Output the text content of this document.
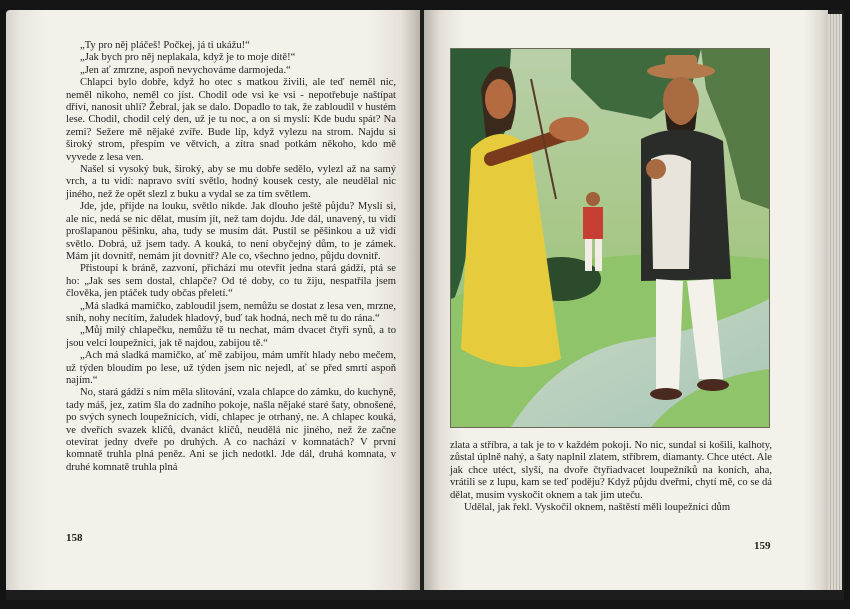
„Ty pro něj pláčeš! Počkej, já ti ukážu!“

„Jak bych pro něj neplakala, když je to moje dítě!“

„Jen ať zmrzne, aspoň nevychováme darmojeda.“

Chlapci bylo dobře, když ho otec s matkou živili, ale teď neměl nic, neměl nikoho, neměl co jíst. Chodil ode vsi ke vsi - nepotřebuje naštípat dříví, nanosit uhlí? Žebral, jak se dalo. Dopadlo to tak, že zabloudil v hustém lese. Chodil, chodil celý den, už je tu noc, a on si myslí: Kde budu spát? Na zemi? Sežere mě nějaké zvíře. Bude líp, když vylezu na strom. Najdu si široký strom, přespím ve větvích, a zítra snad potkám někoho, kdo mě vyvede z lesa ven.

Našel si vysoký buk, široký, aby se mu dobře sedělo, vylezl až na samý vrch, a tu vidí: napravo svítí světlo, hodný kousek cesty, ale neudělal nic jiného, než že opět slezl z buku a vydal se za tím světlem.

Jde, jde, přijde na louku, světlo nikde. Jak dlouho ještě půjdu? Myslí si, ale nic, nedá se nic dělat, musím jít, než tam dojdu. Jde dál, unavený, tu vidí prošlapanou pěšinku, aha, tudy se musím dát. Pustil se pěšinkou a už vidí světlo. Dobrá, už jsem tady. A kouká, to není obyčejný dům, to je zámek. Mám jít dovnitř, nemám jít dovnitř? Ale co, všechno jedno, půjdu dovnitř.

Přistoupí k bráně, zazvoní, přichází mu otevřít jedna stará gádží, ptá se ho: „Jak ses sem dostal, chlapče? Od té doby, co tu žiju, nespatřila jsem člověka, jen ptáček tudy občas přeletí.“

„Má sladká mamičko, zabloudil jsem, nemůžu se dostat z lesa ven, mrzne, sníh, nohy necítím, žaludek hladový, buď tak hodná, nech mě tu do rána.“

„Můj milý chlapečku, nemůžu tě tu nechat, mám dvacet čtyři synů, a to jsou velcí loupežníci, jak tě najdou, zabijou tě.“

„Ach má sladká mamičko, ať mě zabijou, mám umřít hlady nebo mečem, už týden bloudím po lese, už týden jsem nic nejedl, ať se před smrtí aspoň najím.“

No, stará gádží s ním měla slitování, vzala chlapce do zámku, do kuchyně, tady máš, jez, zatím šla do zadního pokoje, našla nějaké staré šaty, obnošené, po svých synech loupežnících, vidí, chlapec je otrhaný, ne. A chlapec kouká, ve dveřích svazek klíčů, dvanáct klíčů, neudělá nic jiného, než že začne otevírat jedny dveře po druhých. A co nachází v komnatách? V první komnatě truhla plná peněz. Ani se jich nedotkl. Jde dál, druhá komnata, v druhé komnatě truhla plná

158

zlata a stříbra, a tak je to v každém pokoji. No nic, sundal si košili, kalhoty, zůstal úplně nahý, a šaty naplnil zlatem, stříbrem, diamanty. Chce utéct. Ale jak chce utéct, slyší, na dvoře čtyřiadvacet loupežníků na koních, aha, vrátili se z lupu, kam se teď poděju? Když půjdu dveřmi, chytí mě, co se dá dělat, musím vyskočit oknem a tak jim uteču.

Udělal, jak řekl. Vyskočil oknem, naštěstí měli loupežníci dům

159
